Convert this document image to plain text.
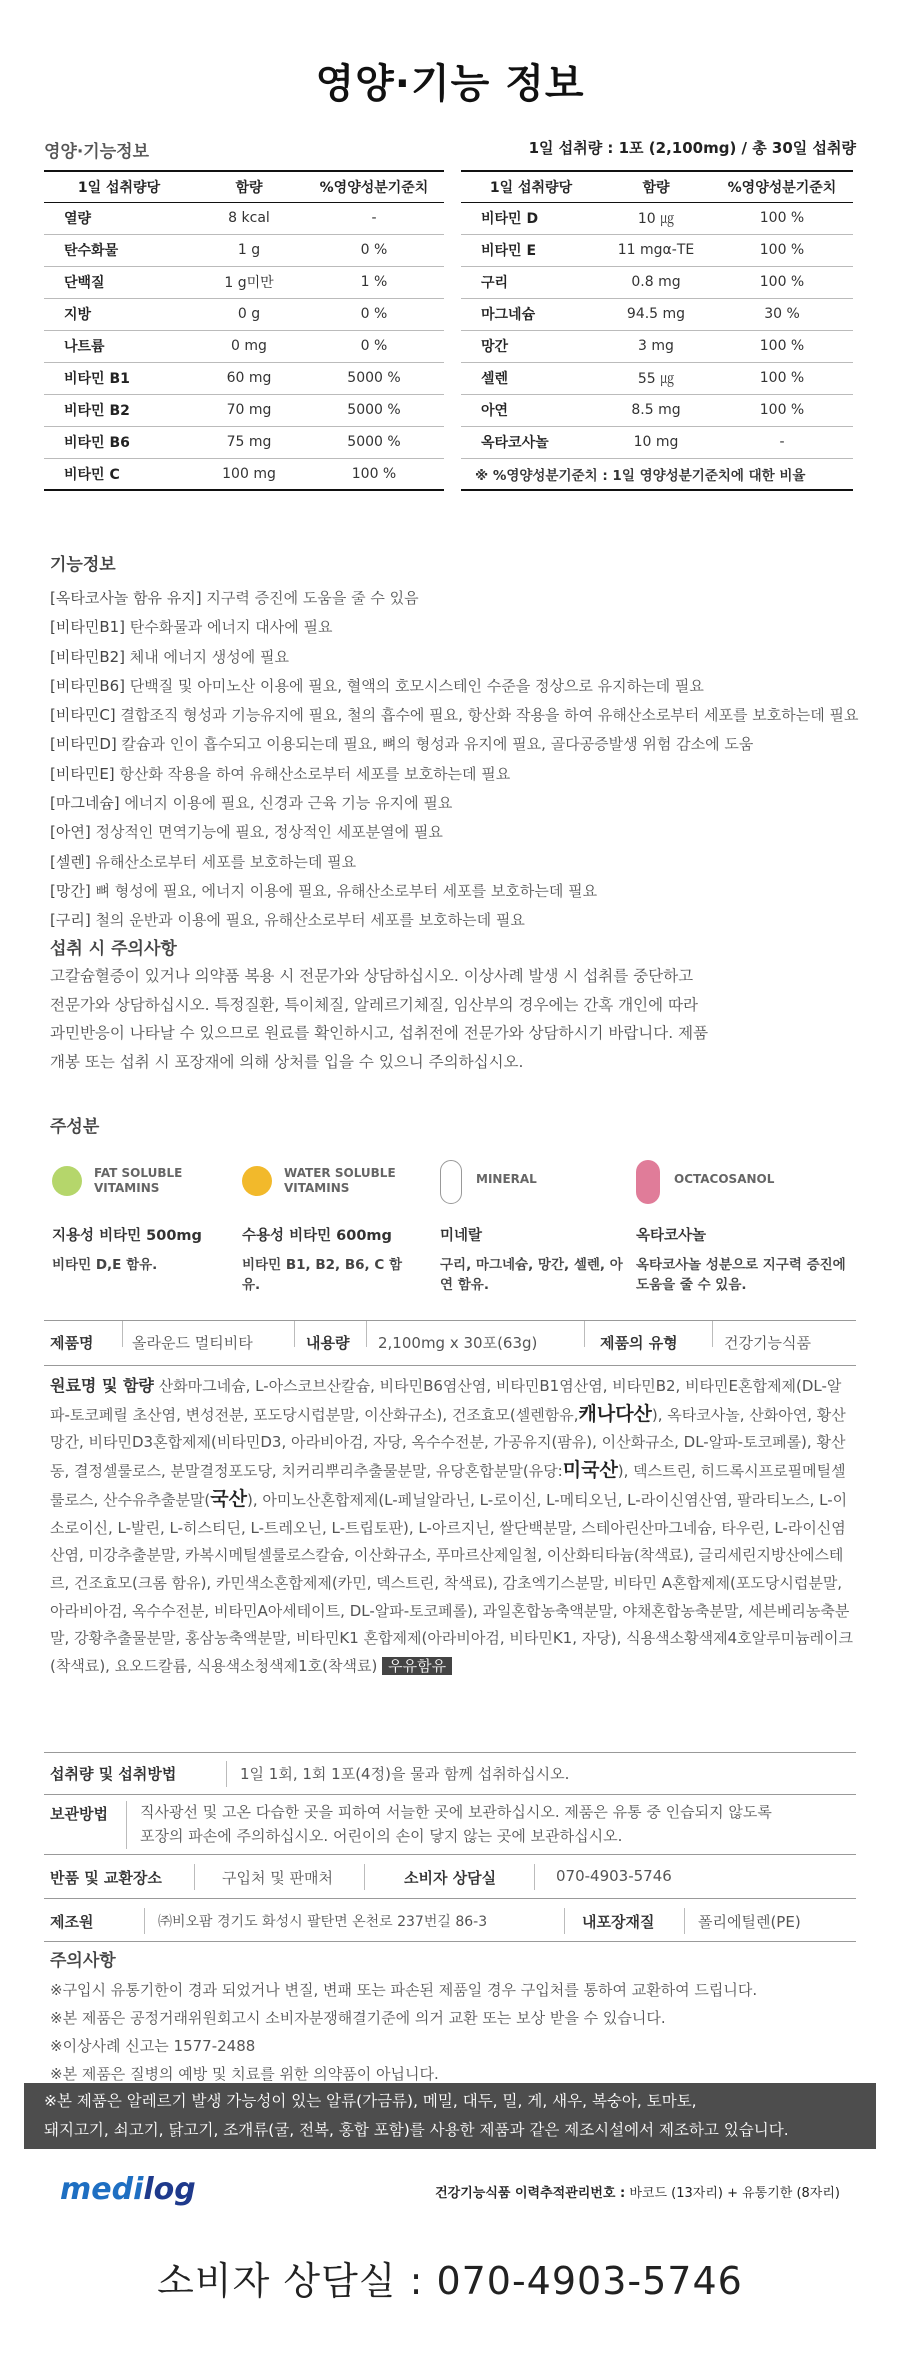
영양·기능 정보
영양·기능정보	1일 섭취량 : 1포 (2,100mg) / 총 30일 섭취량
1일 섭취량당	함량	%영양성분기준치
열량	8 kcal	-
탄수화물	1 g	0 %
단백질	1 g미만	1 %
지방	0 g	0 %
나트륨	0 mg	0 %
비타민 B1	60 mg	5000 %
비타민 B2	70 mg	5000 %
비타민 B6	75 mg	5000 %
비타민 C	100 mg	100 %
1일 섭취량당	함량	%영양성분기준치
비타민 D	10 ㎍	100 %
비타민 E	11 mgα-TE	100 %
구리	0.8 mg	100 %
마그네슘	94.5 mg	30 %
망간	3 mg	100 %
셀렌	55 ㎍	100 %
아연	8.5 mg	100 %
옥타코사놀	10 mg	-
※ %영양성분기준치 : 1일 영양성분기준치에 대한 비율		
기능정보
[옥타코사놀 함유 유지] 지구력 증진에 도움을 줄 수 있음
[비타민B1] 탄수화물과 에너지 대사에 필요
[비타민B2] 체내 에너지 생성에 필요
[비타민B6] 단백질 및 아미노산 이용에 필요, 혈액의 호모시스테인 수준을 정상으로 유지하는데 필요
[비타민C] 결합조직 형성과 기능유지에 필요, 철의 흡수에 필요, 항산화 작용을 하여 유해산소로부터 세포를 보호하는데 필요
[비타민D] 칼슘과 인이 흡수되고 이용되는데 필요, 뼈의 형성과 유지에 필요, 골다공증발생 위험 감소에 도움
[비타민E] 항산화 작용을 하여 유해산소로부터 세포를 보호하는데 필요
[마그네슘] 에너지 이용에 필요, 신경과 근육 기능 유지에 필요
[아연] 정상적인 면역기능에 필요, 정상적인 세포분열에 필요
[셀렌] 유해산소로부터 세포를 보호하는데 필요
[망간] 뼈 형성에 필요, 에너지 이용에 필요, 유해산소로부터 세포를 보호하는데 필요
[구리] 철의 운반과 이용에 필요, 유해산소로부터 세포를 보호하는데 필요
섭취 시 주의사항
고칼슘혈증이 있거나 의약품 복용 시 전문가와 상담하십시오. 이상사례 발생 시 섭취를 중단하고
전문가와 상담하십시오. 특정질환, 특이체질, 알레르기체질, 임산부의 경우에는 간혹 개인에 따라
과민반응이 나타날 수 있으므로 원료를 확인하시고, 섭취전에 전문가와 상담하시기 바랍니다. 제품
개봉 또는 섭취 시 포장재에 의해 상처를 입을 수 있으니 주의하십시오.
주성분
FAT SOLUBLE VITAMINS
지용성 비타민 500mg
비타민 D,E 함유.
WATER SOLUBLE VITAMINS
수용성 비타민 600mg
비타민 B1, B2, B6, C 함유.
MINERAL
미네랄
구리, 마그네슘, 망간, 셀렌, 아연 함유.
OCTACOSANOL
옥타코사놀
옥타코사놀 성분으로 지구력 증진에 도움을 줄 수 있음.
제품명	올라운드 멀티비타	내용량 2,100mg x 30포(63g)	제품의 유형	건강기능식품
원료명 및 함량 산화마그네슘, L-아스코브산칼슘, 비타민B6염산염, 비타민B1염산염, 비타민B2, 비타민E혼합제제(DL-알파-토코페릴 초산염, 변성전분, 포도당시럽분말, 이산화규소), 건조효모(셀렌함유,캐나다산), 옥타코사놀, 산화아연, 황산망간, 비타민D3혼합제제(비타민D3, 아라비아검, 자당, 옥수수전분, 가공유지(팜유), 이산화규소, DL-알파-토코페롤), 황산동, 결정셀룰로스, 분말결정포도당, 치커리뿌리추출물분말, 유당혼합분말(유당:미국산), 덱스트린, 히드록시프로필메틸셀룰로스, 산수유추출분말(국산), 아미노산혼합제제(L-페닐알라닌, L-로이신, L-메티오닌, L-라이신염산염, 팔라티노스, L-이소로이신, L-발린, L-히스티딘, L-트레오닌, L-트립토판), L-아르지닌, 쌀단백분말, 스테아린산마그네슘, 타우린, L-라이신염산염, 미강추출분말, 카복시메틸셀룰로스칼슘, 이산화규소, 푸마르산제일철, 이산화티타늄(착색료), 글리세린지방산에스테르, 건조효모(크롬 함유), 카민색소혼합제제(카민, 덱스트린, 착색료), 감초엑기스분말, 비타민 A혼합제제(포도당시럽분말, 아라비아검, 옥수수전분, 비타민A아세테이트, DL-알파-토코페롤), 과일혼합농축액분말, 야채혼합농축분말, 세븐베리농축분말, 강황추출물분말, 홍삼농축액분말, 비타민K1 혼합제제(아라비아검, 비타민K1, 자당), 식용색소황색제4호알루미늄레이크(착색료), 요오드칼륨, 식용색소청색제1호(착색료) 우유함유
섭취량 및 섭취방법	1일 1회, 1회 1포(4정)을 물과 함께 섭취하십시오.
보관방법 직사광선 및 고온 다습한 곳을 피하여 서늘한 곳에 보관하십시오. 제품은 유통 중 인습되지 않도록
포장의 파손에 주의하십시오. 어린이의 손이 닿지 않는 곳에 보관하십시오.
반품 및 교환장소	구입처 및 판매처	소비자 상담실	070-4903-5746
제조원	㈜비오팜 경기도 화성시 팔탄면 온천로 237번길 86-3	내포장재질	폴리에틸렌(PE)
주의사항
※구입시 유통기한이 경과 되었거나 변질, 변패 또는 파손된 제품일 경우 구입처를 통하여 교환하여 드립니다.
※본 제품은 공정거래위원회고시 소비자분쟁해결기준에 의거 교환 또는 보상 받을 수 있습니다.
※이상사례 신고는 1577-2488
※본 제품은 질병의 예방 및 치료를 위한 의약품이 아닙니다.
※본 제품은 알레르기 발생 가능성이 있는 알류(가금류), 메밀, 대두, 밀, 게, 새우, 복숭아, 토마토,
돼지고기, 쇠고기, 닭고기, 조개류(굴, 전복, 홍합 포함)를 사용한 제품과 같은 제조시설에서 제조하고 있습니다.
medilog	건강기능식품 이력추적관리번호 : 바코드 (13자리) + 유통기한 (8자리)
소비자 상담실 : 070-4903-5746
